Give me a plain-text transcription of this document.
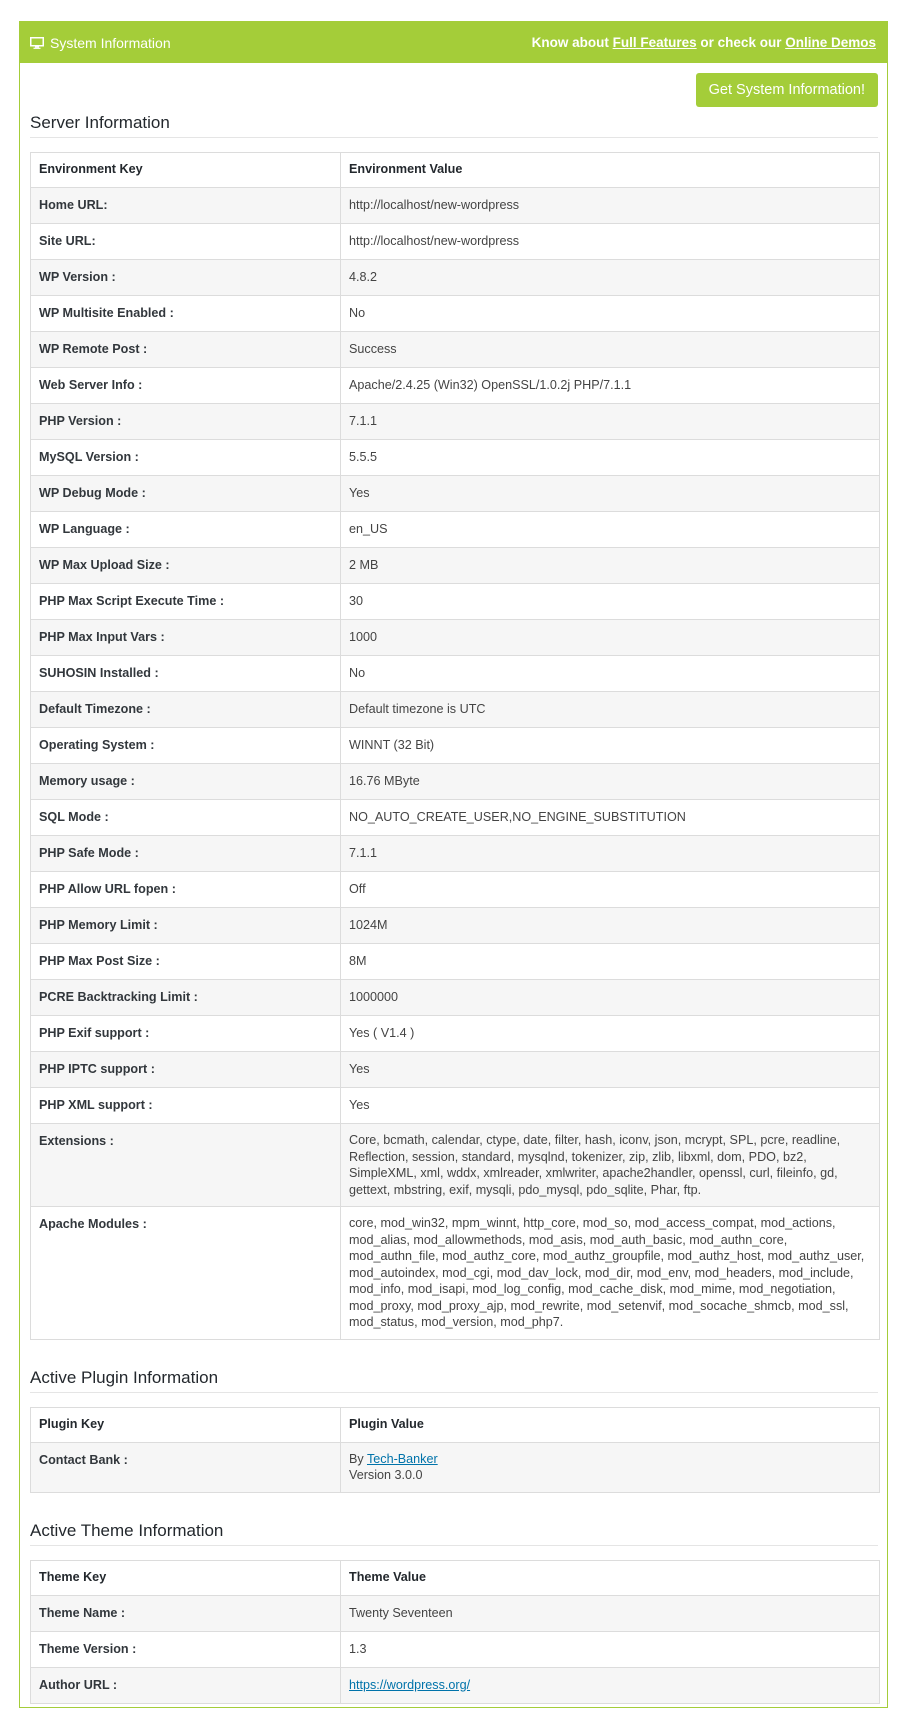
System Information	Know about Full Features or check our Online Demos
Get System Information!
Server Information
Environment Key	Environment Value
Home URL:	http://localhost/new-wordpress
Site URL:	http://localhost/new-wordpress
WP Version :	4.8.2
WP Multisite Enabled :	No
WP Remote Post :	Success
Web Server Info :	Apache/2.4.25 (Win32) OpenSSL/1.0.2j PHP/7.1.1
PHP Version :	7.1.1
MySQL Version :	5.5.5
WP Debug Mode :	Yes
WP Language :	en_US
WP Max Upload Size :	2 MB
PHP Max Script Execute Time :	30
PHP Max Input Vars :	1000
SUHOSIN Installed :	No
Default Timezone :	Default timezone is UTC
Operating System :	WINNT (32 Bit)
Memory usage :	16.76 MByte
SQL Mode :	NO_AUTO_CREATE_USER,NO_ENGINE_SUBSTITUTION
PHP Safe Mode :	7.1.1
PHP Allow URL fopen :	Off
PHP Memory Limit :	1024M
PHP Max Post Size :	8M
PCRE Backtracking Limit :	1000000
PHP Exif support :	Yes ( V1.4 )
PHP IPTC support :	Yes
PHP XML support :	Yes
Extensions :	Core, bcmath, calendar, ctype, date, filter, hash, iconv, json, mcrypt, SPL, pcre, readline, Reflection, session, standard, mysqlnd, tokenizer, zip, zlib, libxml, dom, PDO, bz2, SimpleXML, xml, wddx, xmlreader, xmlwriter, apache2handler, openssl, curl, fileinfo, gd, gettext, mbstring, exif, mysqli, pdo_mysql, pdo_sqlite, Phar, ftp.
Apache Modules :	core, mod_win32, mpm_winnt, http_core, mod_so, mod_access_compat, mod_actions, mod_alias, mod_allowmethods, mod_asis, mod_auth_basic, mod_authn_core, mod_authn_file, mod_authz_core, mod_authz_groupfile, mod_authz_host, mod_authz_user, mod_autoindex, mod_cgi, mod_dav_lock, mod_dir, mod_env, mod_headers, mod_include, mod_info, mod_isapi, mod_log_config, mod_cache_disk, mod_mime, mod_negotiation, mod_proxy, mod_proxy_ajp, mod_rewrite, mod_setenvif, mod_socache_shmcb, mod_ssl, mod_status, mod_version, mod_php7.
Active Plugin Information
Plugin Key	Plugin Value
Contact Bank :	By Tech-Banker
Version 3.0.0
Active Theme Information
Theme Key	Theme Value
Theme Name :	Twenty Seventeen
Theme Version :	1.3
Author URL :	https://wordpress.org/
